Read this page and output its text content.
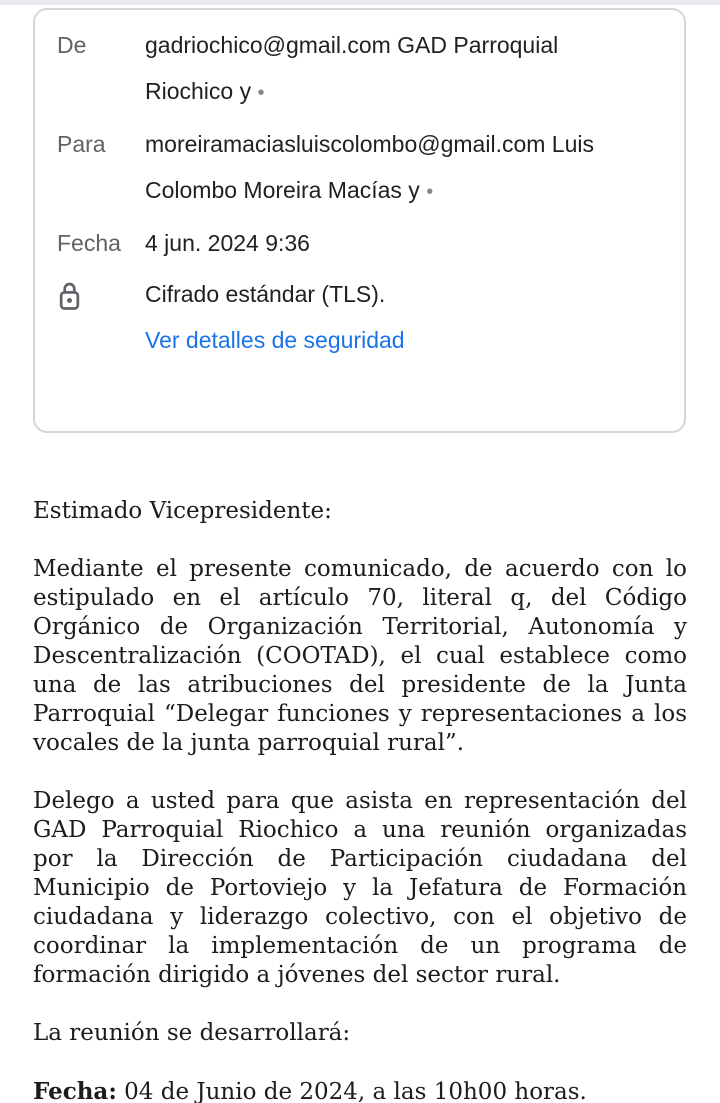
De	gadriochico@gmail.com GAD Parroquial Riochico y •
Para	moreiramaciasluiscolombo@gmail.com Luis Colombo Moreira Macías y •
Fecha	4 jun. 2024 9:36
Cifrado estándar (TLS).
Ver detalles de seguridad

Estimado Vicepresidente:

Mediante el presente comunicado, de acuerdo con lo estipulado en el artículo 70, literal q, del Código Orgánico de Organización Territorial, Autonomía y Descentralización (COOTAD), el cual establece como una de las atribuciones del presidente de la Junta Parroquial “Delegar funciones y representaciones a los vocales de la junta parroquial rural”.

Delego a usted para que asista en representación del GAD Parroquial Riochico a una reunión organizadas por la Dirección de Participación ciudadana del Municipio de Portoviejo y la Jefatura de Formación ciudadana y liderazgo colectivo, con el objetivo de coordinar la implementación de un programa de formación dirigido a jóvenes del sector rural.

La reunión se desarrollará:

Fecha: 04 de Junio de 2024, a las 10h00 horas.
